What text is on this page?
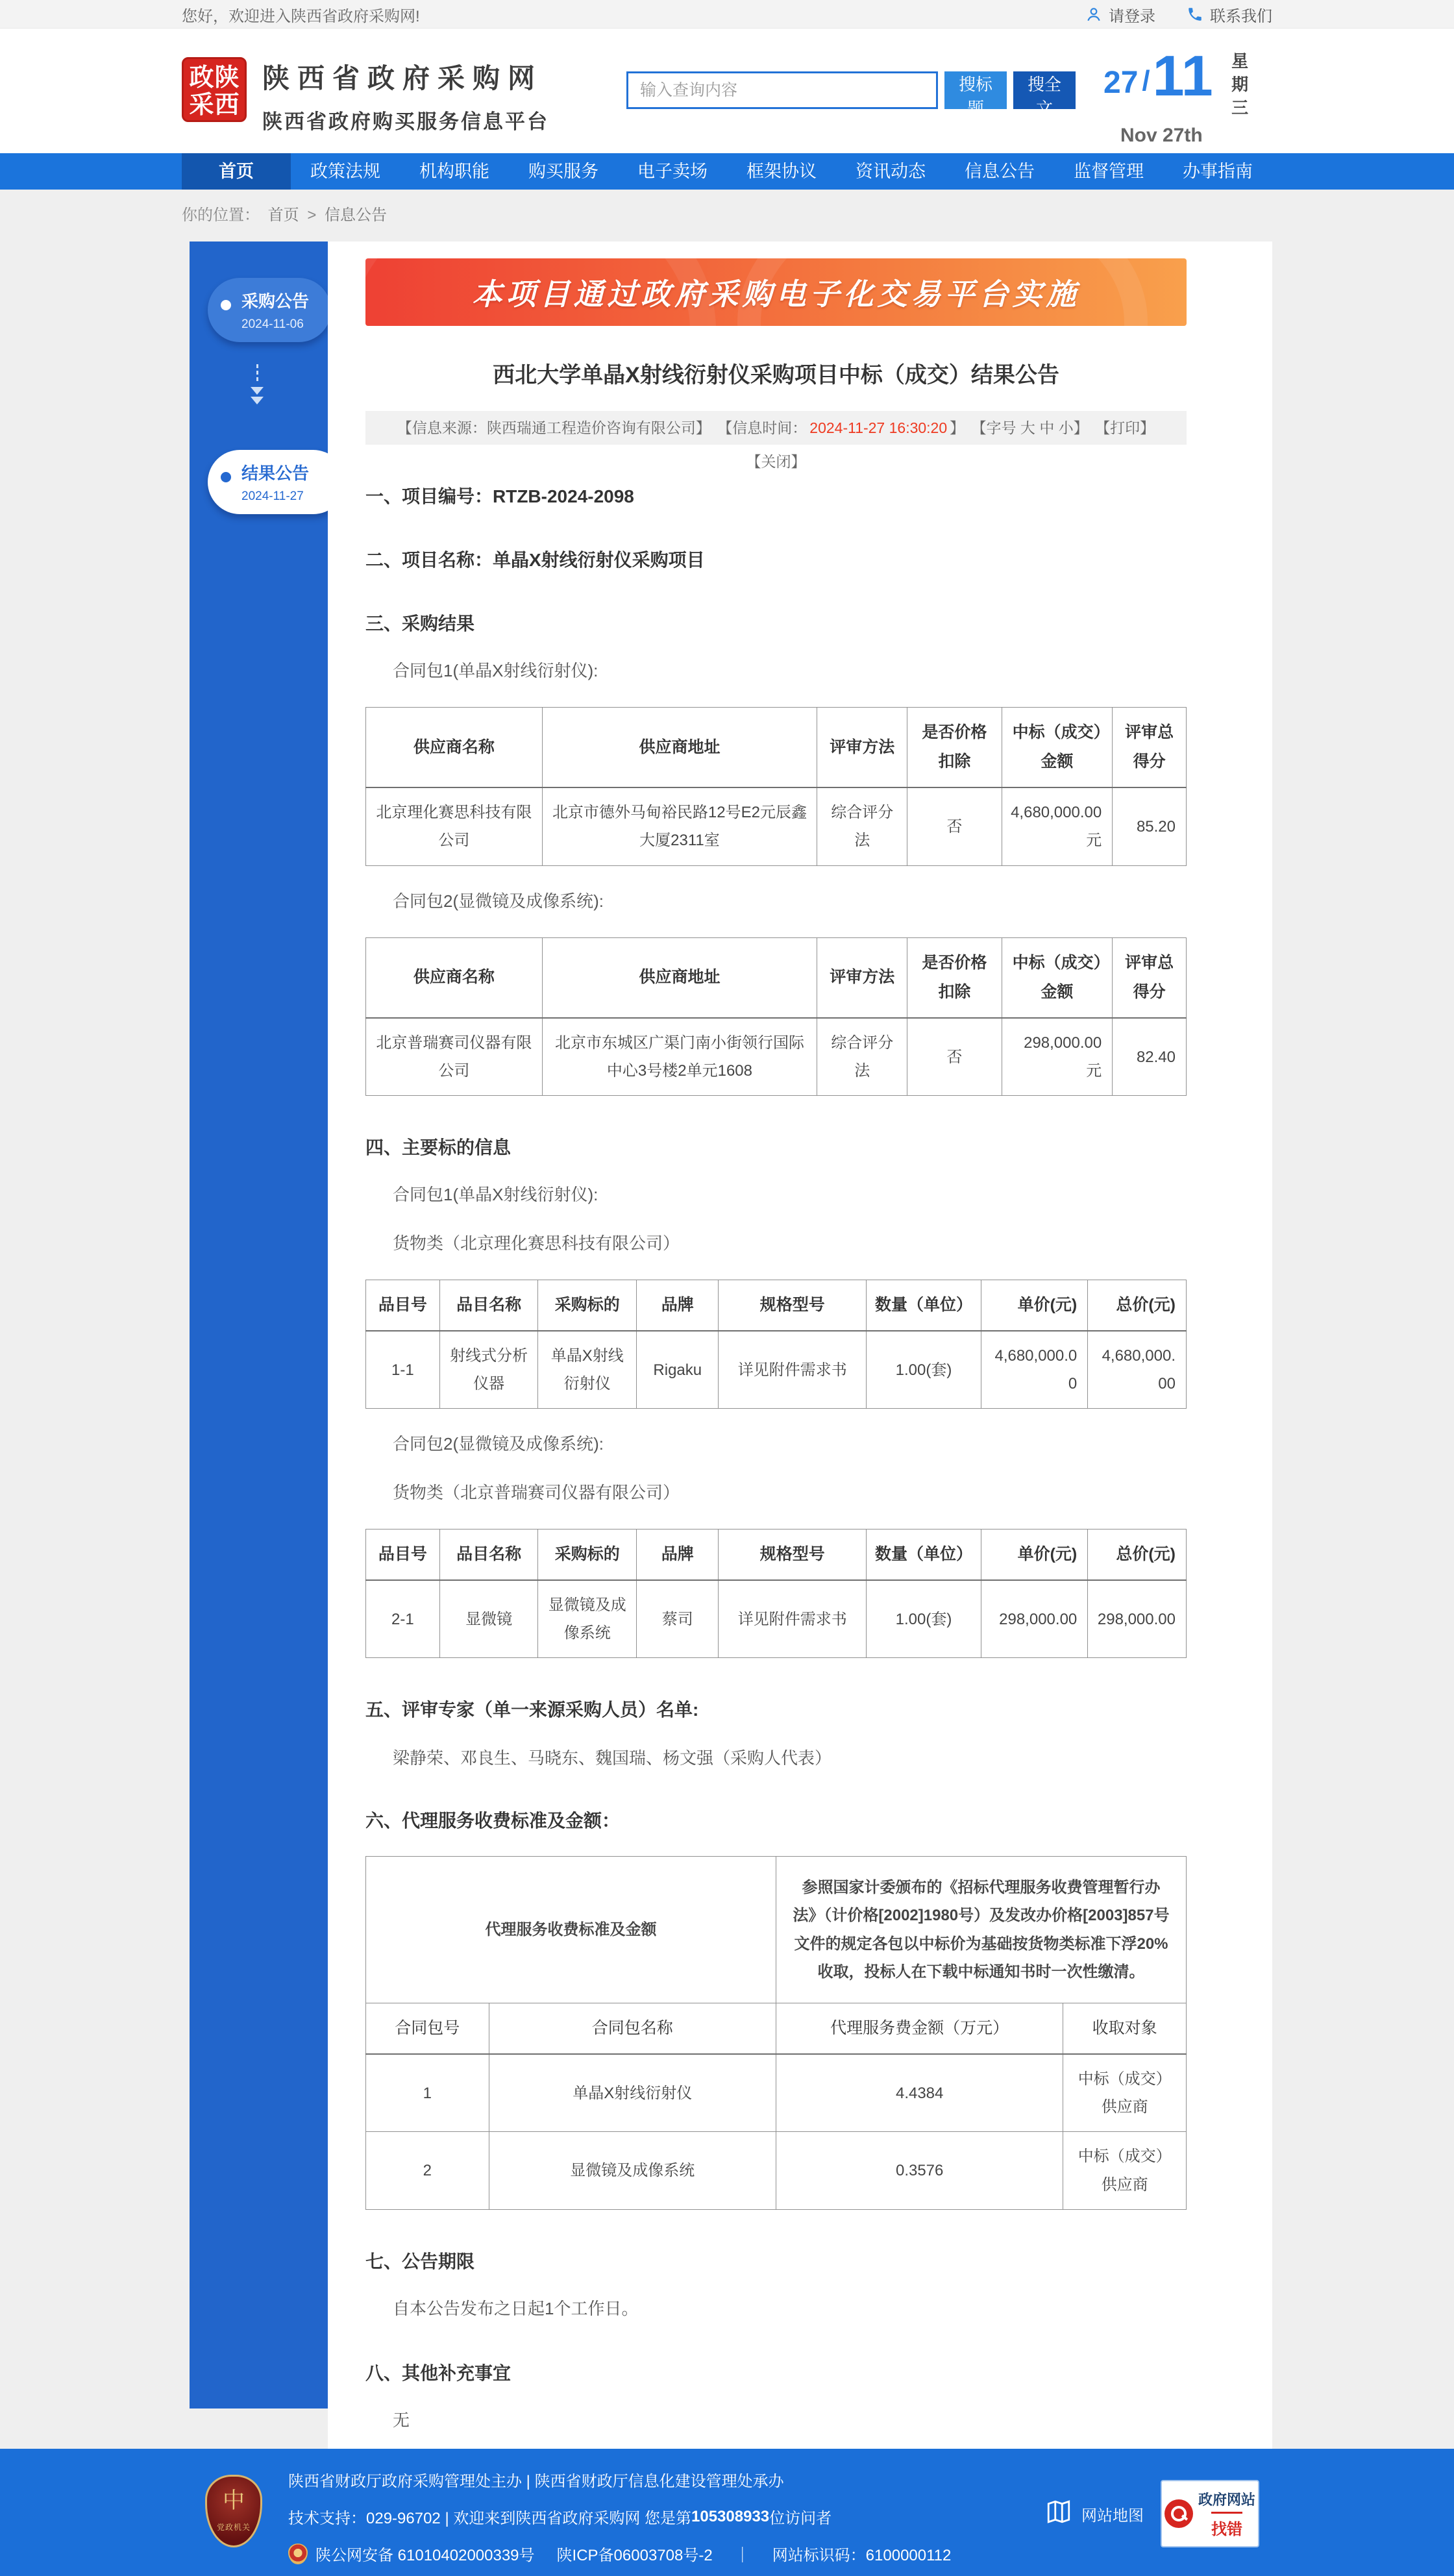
您好，欢迎进入陕西省政府采购网!	请登录	联系我们
政 陕
采 西
陕西省政府采购网
陕西省政府购买服务信息平台
输入查询内容
搜标题
搜全文
27 / 11 星期三
Nov 27th
首页	政策法规	机构职能	购买服务	电子卖场	框架协议	资讯动态	信息公告	监督管理	办事指南
你的位置： 首页 > 信息公告
采购公告
2024-11-06
结果公告
2024-11-27
本项目通过政府采购电子化交易平台实施
西北大学单晶X射线衍射仪采购项目中标（成交）结果公告
【信息来源：陕西瑞通工程造价咨询有限公司】 【信息时间： 2024-11-27 16:30:20 】 【字号 大 中 小】 【打印】 【关闭】
一、项目编号：RTZB-2024-2098
二、项目名称：单晶X射线衍射仪采购项目
三、采购结果
合同包1(单晶X射线衍射仪):
供应商名称	供应商地址	评审方法	是否价格扣除	中标（成交）金额	评审总得分
北京理化赛思科技有限公司	北京市德外马甸裕民路12号E2元辰鑫大厦2311室	综合评分法	否	4,680,000.00元	85.20
合同包2(显微镜及成像系统):
供应商名称	供应商地址	评审方法	是否价格扣除	中标（成交）金额	评审总得分
北京普瑞赛司仪器有限公司	北京市东城区广渠门南小街领行国际中心3号楼2单元1608	综合评分法	否	298,000.00元	82.40
四、主要标的信息
合同包1(单晶X射线衍射仪):
货物类（北京理化赛思科技有限公司）
品目号	品目名称	采购标的	品牌	规格型号	数量（单位）	单价(元)	总价(元)
1-1	射线式分析仪器	单晶X射线衍射仪	Rigaku	详见附件需求书	1.00(套)	4,680,000.00	4,680,000.00
合同包2(显微镜及成像系统):
货物类（北京普瑞赛司仪器有限公司）
品目号	品目名称	采购标的	品牌	规格型号	数量（单位）	单价(元)	总价(元)
2-1	显微镜	显微镜及成像系统	蔡司	详见附件需求书	1.00(套)	298,000.00	298,000.00
五、评审专家（单一来源采购人员）名单:
梁静荣、邓良生、马晓东、魏国瑞、杨文强（采购人代表）
六、代理服务收费标准及金额：
代理服务收费标准及金额		参照国家计委颁布的《招标代理服务收费管理暂行办法》（计价格[2002]1980号）及发改办价格[2003]857号文件的规定各包以中标价为基础按货物类标准下浮20%收取，投标人在下载中标通知书时一次性缴清。	
合同包号	合同包名称	代理服务费金额（万元）	收取对象
1	单晶X射线衍射仪	4.4384	中标（成交）供应商
2	显微镜及成像系统	0.3576	中标（成交）供应商
七、公告期限
自本公告发布之日起1个工作日。
八、其他补充事宜
无
中
党政机关
陕西省财政厅政府采购管理处主办 | 陕西省财政厅信息化建设管理处承办
技术支持：029-96702 | 欢迎来到陕西省政府采购网 您是第 105308933 位访问者
陕公网安备 61010402000339号 陕ICP备06003708号-2 ｜ 网站标识码：6100000112
网站地图
政府网站
找错
